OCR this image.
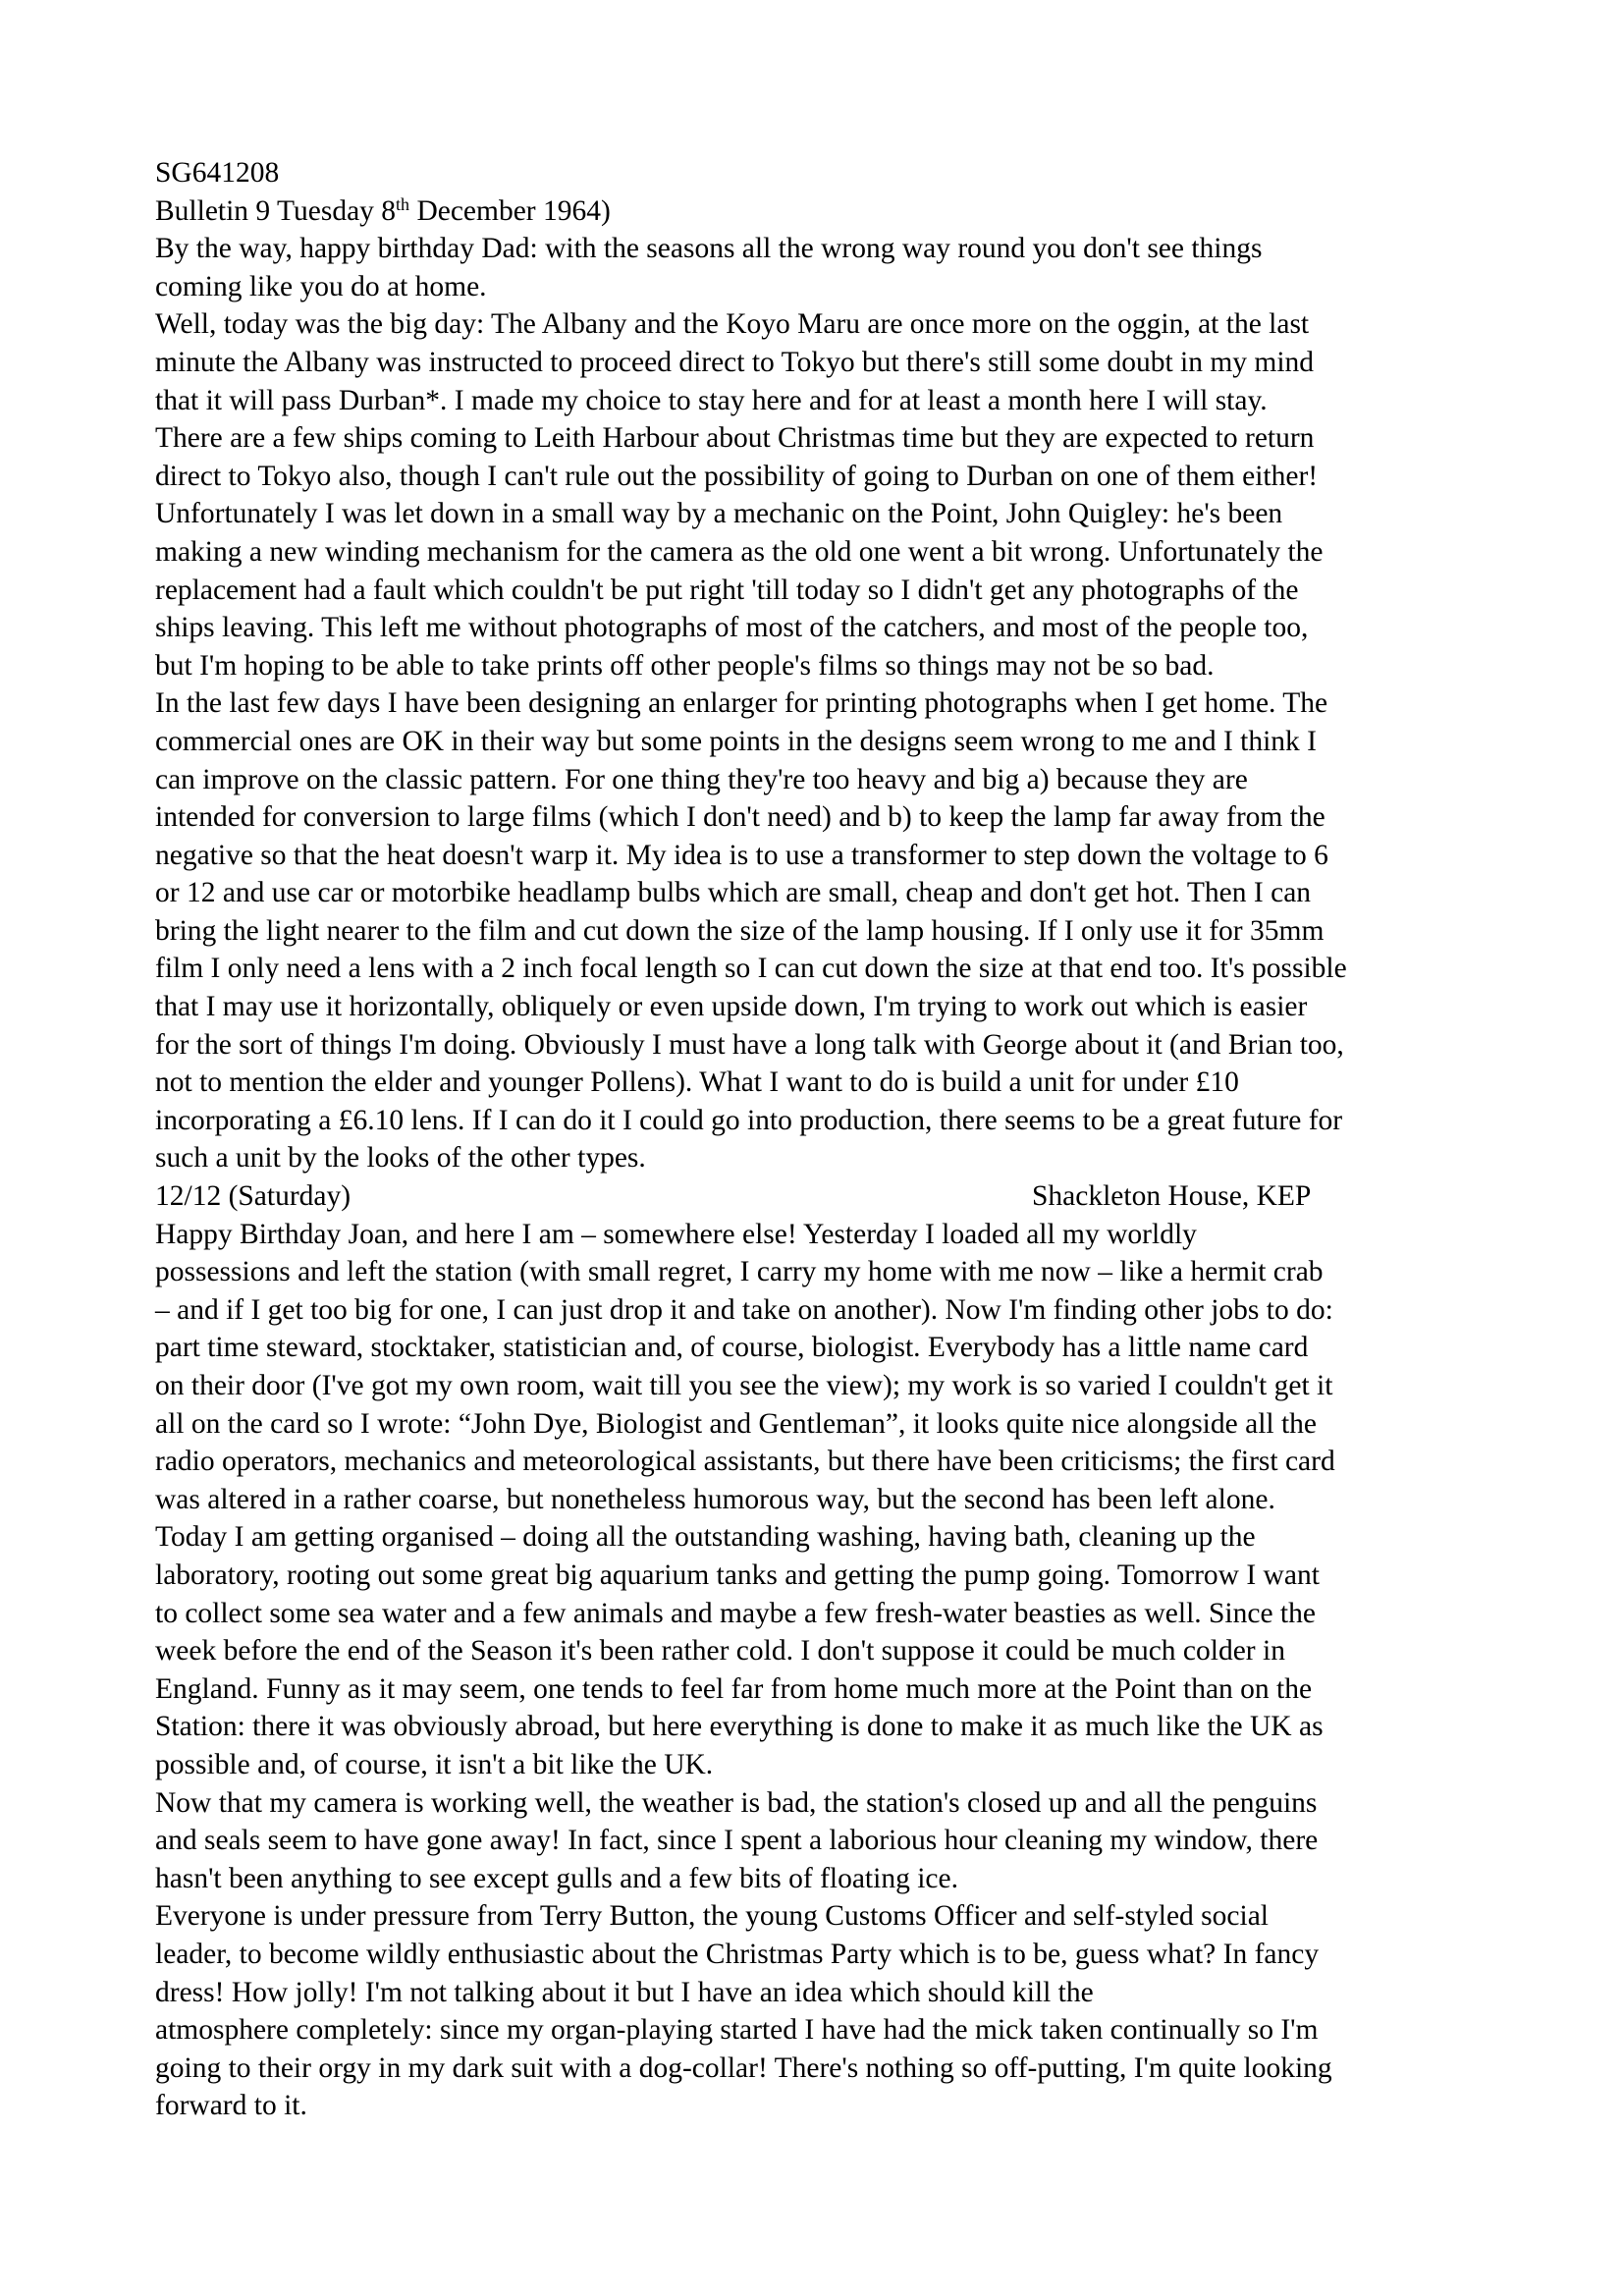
SG641208
Bulletin 9 Tuesday 8th December 1964)
By the way, happy birthday Dad: with the seasons all the wrong way round you don't see things
coming like you do at home.
Well, today was the big day: The Albany and the Koyo Maru are once more on the oggin, at the last
minute the Albany was instructed to proceed direct to Tokyo but there's still some doubt in my mind
that it will pass Durban*. I made my choice to stay here and for at least a month here I will stay.
There are a few ships coming to Leith Harbour about Christmas time but they are expected to return
direct to Tokyo also, though I can't rule out the possibility of going to Durban on one of them either!
Unfortunately I was let down in a small way by a mechanic on the Point, John Quigley: he's been
making a new winding mechanism for the camera as the old one went a bit wrong. Unfortunately the
replacement had a fault which couldn't be put right 'till today so I didn't get any photographs of the
ships leaving. This left me without photographs of most of the catchers, and most of the people too,
but I'm hoping to be able to take prints off other people's films so things may not be so bad.
In the last few days I have been designing an enlarger for printing photographs when I get home. The
commercial ones are OK in their way but some points in the designs seem wrong to me and I think I
can improve on the classic pattern. For one thing they're too heavy and big a) because they are
intended for conversion to large films (which I don't need) and b) to keep the lamp far away from the
negative so that the heat doesn't warp it. My idea is to use a transformer to step down the voltage to 6
or 12 and use car or motorbike headlamp bulbs which are small, cheap and don't get hot. Then I can
bring the light nearer to the film and cut down the size of the lamp housing. If I only use it for 35mm
film I only need a lens with a 2 inch focal length so I can cut down the size at that end too. It's possible
that I may use it horizontally, obliquely or even upside down, I'm trying to work out which is easier
for the sort of things I'm doing. Obviously I must have a long talk with George about it (and Brian too,
not to mention the elder and younger Pollens). What I want to do is build a unit for under £10
incorporating a £6.10 lens. If I can do it I could go into production, there seems to be a great future for
such a unit by the looks of the other types.
12/12 (Saturday)	Shackleton House, KEP
Happy Birthday Joan, and here I am – somewhere else! Yesterday I loaded all my worldly
possessions and left the station (with small regret, I carry my home with me now – like a hermit crab
– and if I get too big for one, I can just drop it and take on another). Now I'm finding other jobs to do:
part time steward, stocktaker, statistician and, of course, biologist. Everybody has a little name card
on their door (I've got my own room, wait till you see the view); my work is so varied I couldn't get it
all on the card so I wrote: “John Dye, Biologist and Gentleman”, it looks quite nice alongside all the
radio operators, mechanics and meteorological assistants, but there have been criticisms; the first card
was altered in a rather coarse, but nonetheless humorous way, but the second has been left alone.
Today I am getting organised – doing all the outstanding washing, having bath, cleaning up the
laboratory, rooting out some great big aquarium tanks and getting the pump going. Tomorrow I want
to collect some sea water and a few animals and maybe a few fresh-water beasties as well. Since the
week before the end of the Season it's been rather cold. I don't suppose it could be much colder in
England. Funny as it may seem, one tends to feel far from home much more at the Point than on the
Station: there it was obviously abroad, but here everything is done to make it as much like the UK as
possible and, of course, it isn't a bit like the UK.
Now that my camera is working well, the weather is bad, the station's closed up and all the penguins
and seals seem to have gone away! In fact, since I spent a laborious hour cleaning my window, there
hasn't been anything to see except gulls and a few bits of floating ice.
Everyone is under pressure from Terry Button, the young Customs Officer and self-styled social
leader, to become wildly enthusiastic about the Christmas Party which is to be, guess what? In fancy
dress! How jolly! I'm not talking about it but I have an idea which should kill the
atmosphere completely: since my organ-playing started I have had the mick taken continually so I'm
going to their orgy in my dark suit with a dog-collar! There's nothing so off-putting, I'm quite looking
forward to it.
